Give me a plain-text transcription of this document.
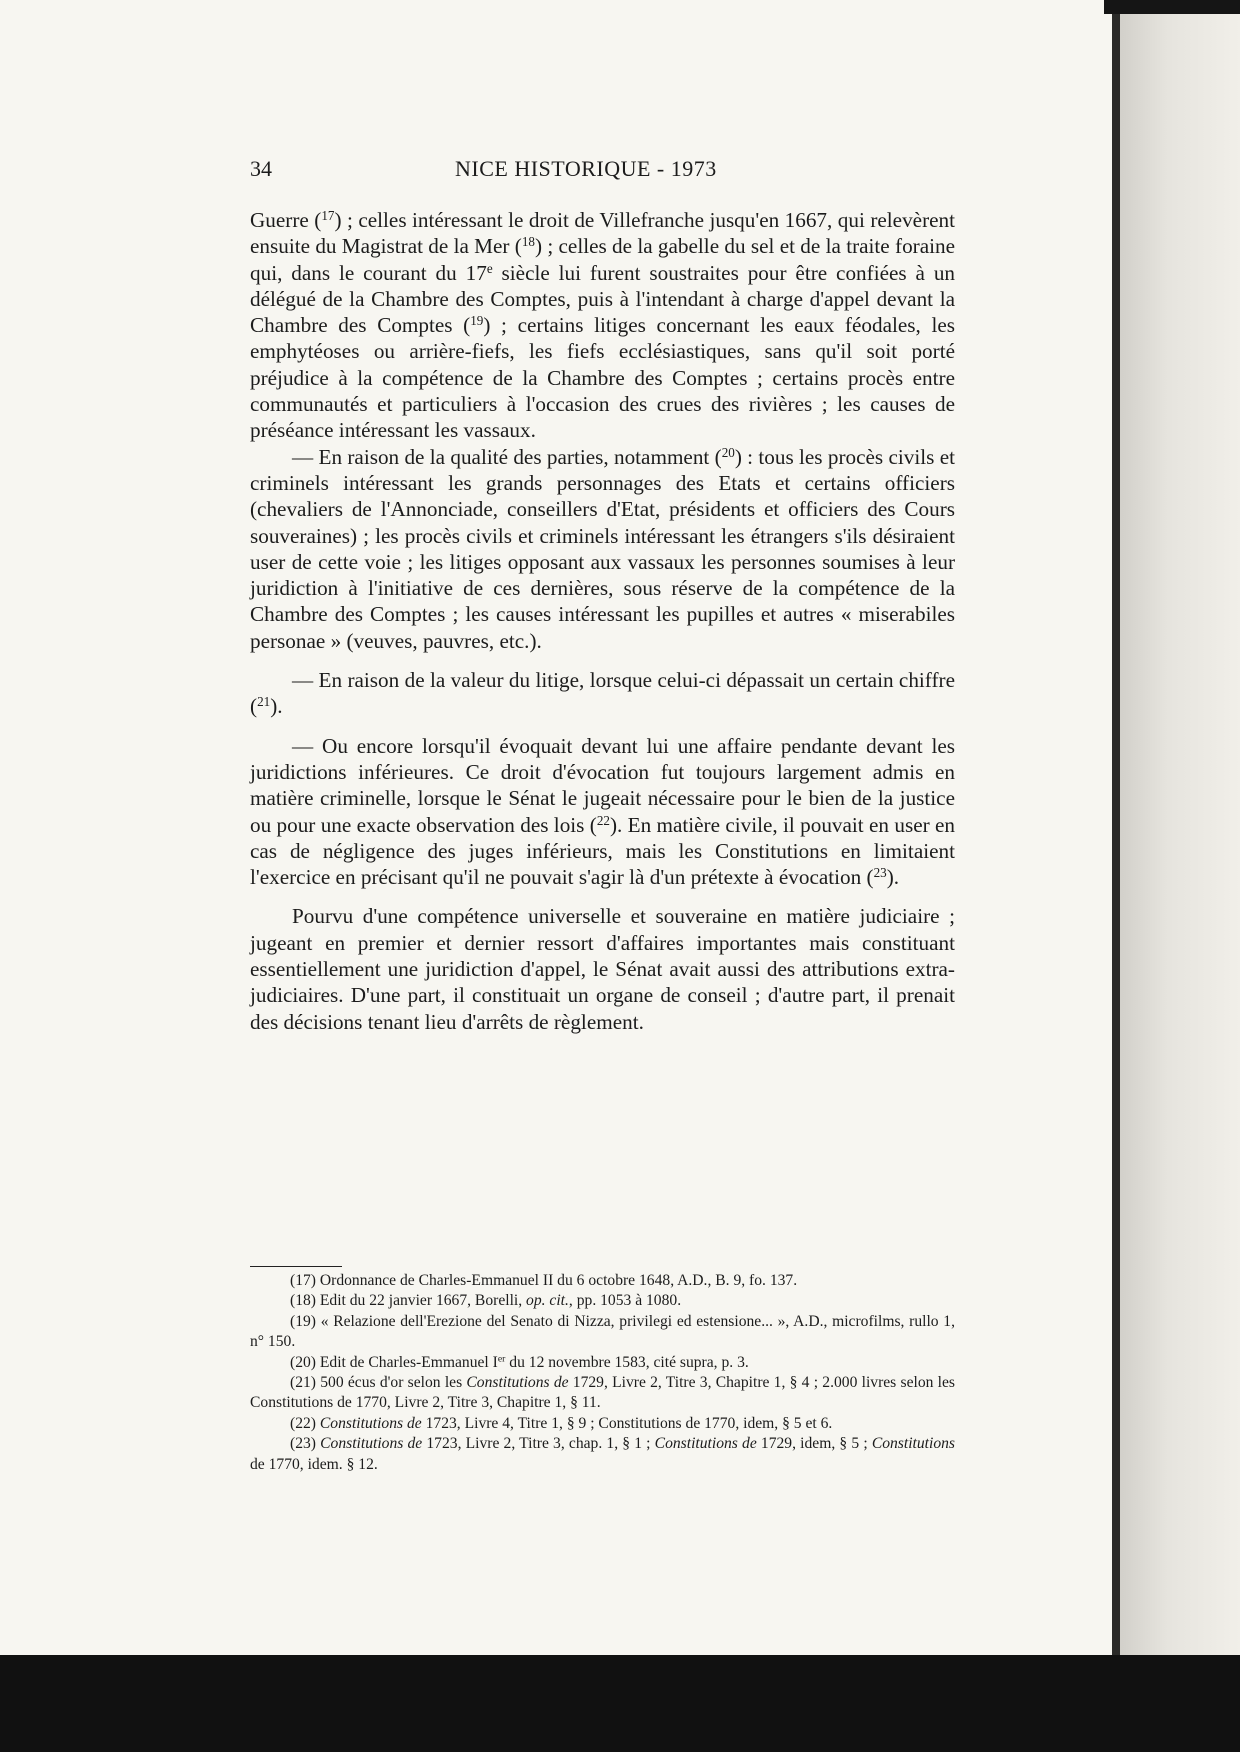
34	NICE HISTORIQUE - 1973

Guerre ($^{17}$) ; celles intéressant le droit de Villefranche jusqu'en 1667, qui relevèrent ensuite du Magistrat de la Mer ($^{18}$) ; celles de la gabelle du sel et de la traite foraine qui, dans le courant du 17e siècle lui furent soustraites pour être confiées à un délégué de la Chambre des Comptes, puis à l'intendant à charge d'appel devant la Chambre des Comptes ($^{19}$) ; certains litiges concernant les eaux féodales, les emphytéoses ou arrière-fiefs, les fiefs ecclésiastiques, sans qu'il soit porté préjudice à la compétence de la Chambre des Comptes ; certains procès entre communautés et particuliers à l'occasion des crues des rivières ; les causes de préséance intéressant les vassaux.

— En raison de la qualité des parties, notamment ($^{20}$) : tous les procès civils et criminels intéressant les grands personnages des Etats et certains officiers (chevaliers de l'Annonciade, conseillers d'Etat, présidents et officiers des Cours souveraines) ; les procès civils et criminels intéressant les étrangers s'ils désiraient user de cette voie ; les litiges opposant aux vassaux les personnes soumises à leur juridiction à l'initiative de ces dernières, sous réserve de la compétence de la Chambre des Comptes ; les causes intéressant les pupilles et autres « miserabiles personae » (veuves, pauvres, etc.).

— En raison de la valeur du litige, lorsque celui-ci dépassait un certain chiffre ($^{21}$).

— Ou encore lorsqu'il évoquait devant lui une affaire pendante devant les juridictions inférieures. Ce droit d'évocation fut toujours largement admis en matière criminelle, lorsque le Sénat le jugeait nécessaire pour le bien de la justice ou pour une exacte observation des lois ($^{22}$). En matière civile, il pouvait en user en cas de négligence des juges inférieurs, mais les Constitutions en limitaient l'exercice en précisant qu'il ne pouvait s'agir là d'un prétexte à évocation ($^{23}$).

Pourvu d'une compétence universelle et souveraine en matière judiciaire ; jugeant en premier et dernier ressort d'affaires importantes mais constituant essentiellement une juridiction d'appel, le Sénat avait aussi des attributions extra-judiciaires. D'une part, il constituait un organe de conseil ; d'autre part, il prenait des décisions tenant lieu d'arrêts de règlement.

(17) Ordonnance de Charles-Emmanuel II du 6 octobre 1648, A.D., B. 9, fo. 137.

(18) Edit du 22 janvier 1667, Borelli, op. cit., pp. 1053 à 1080.

(19) « Relazione dell'Erezione del Senato di Nizza, privilegi ed estensione... », A.D., microfilms, rullo 1, n° 150.

(20) Edit de Charles-Emmanuel Ier du 12 novembre 1583, cité supra, p. 3.

(21) 500 écus d'or selon les Constitutions de 1729, Livre 2, Titre 3, Chapitre 1, § 4 ; 2.000 livres selon les Constitutions de 1770, Livre 2, Titre 3, Chapitre 1, § 11.

(22) Constitutions de 1723, Livre 4, Titre 1, § 9 ; Constitutions de 1770, idem, § 5 et 6.

(23) Constitutions de 1723, Livre 2, Titre 3, chap. 1, § 1 ; Constitutions de 1729, idem, § 5 ; Constitutions de 1770, idem. § 12.
